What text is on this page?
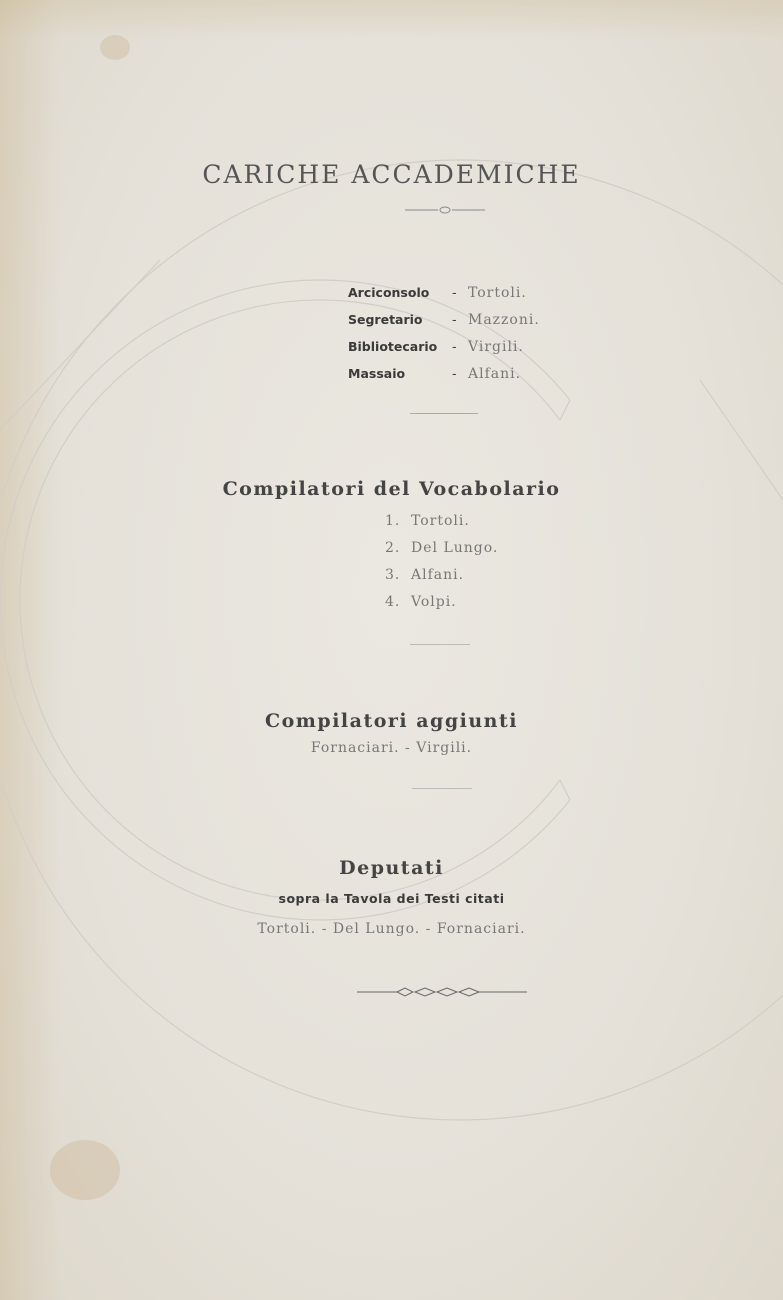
CARICHE ACCADEMICHE
Arciconsolo	- Tortoli.
Segretario	- Mazzoni.
Bibliotecario	- Virgili.
Massaio	- Alfani.
Compilatori del Vocabolario
1. Tortoli.
2. Del Lungo.
3. Alfani.
4. Volpi.
Compilatori aggiunti
Fornaciari. - Virgili.
Deputati
sopra la Tavola dei Testi citati
Tortoli. - Del Lungo. - Fornaciari.
